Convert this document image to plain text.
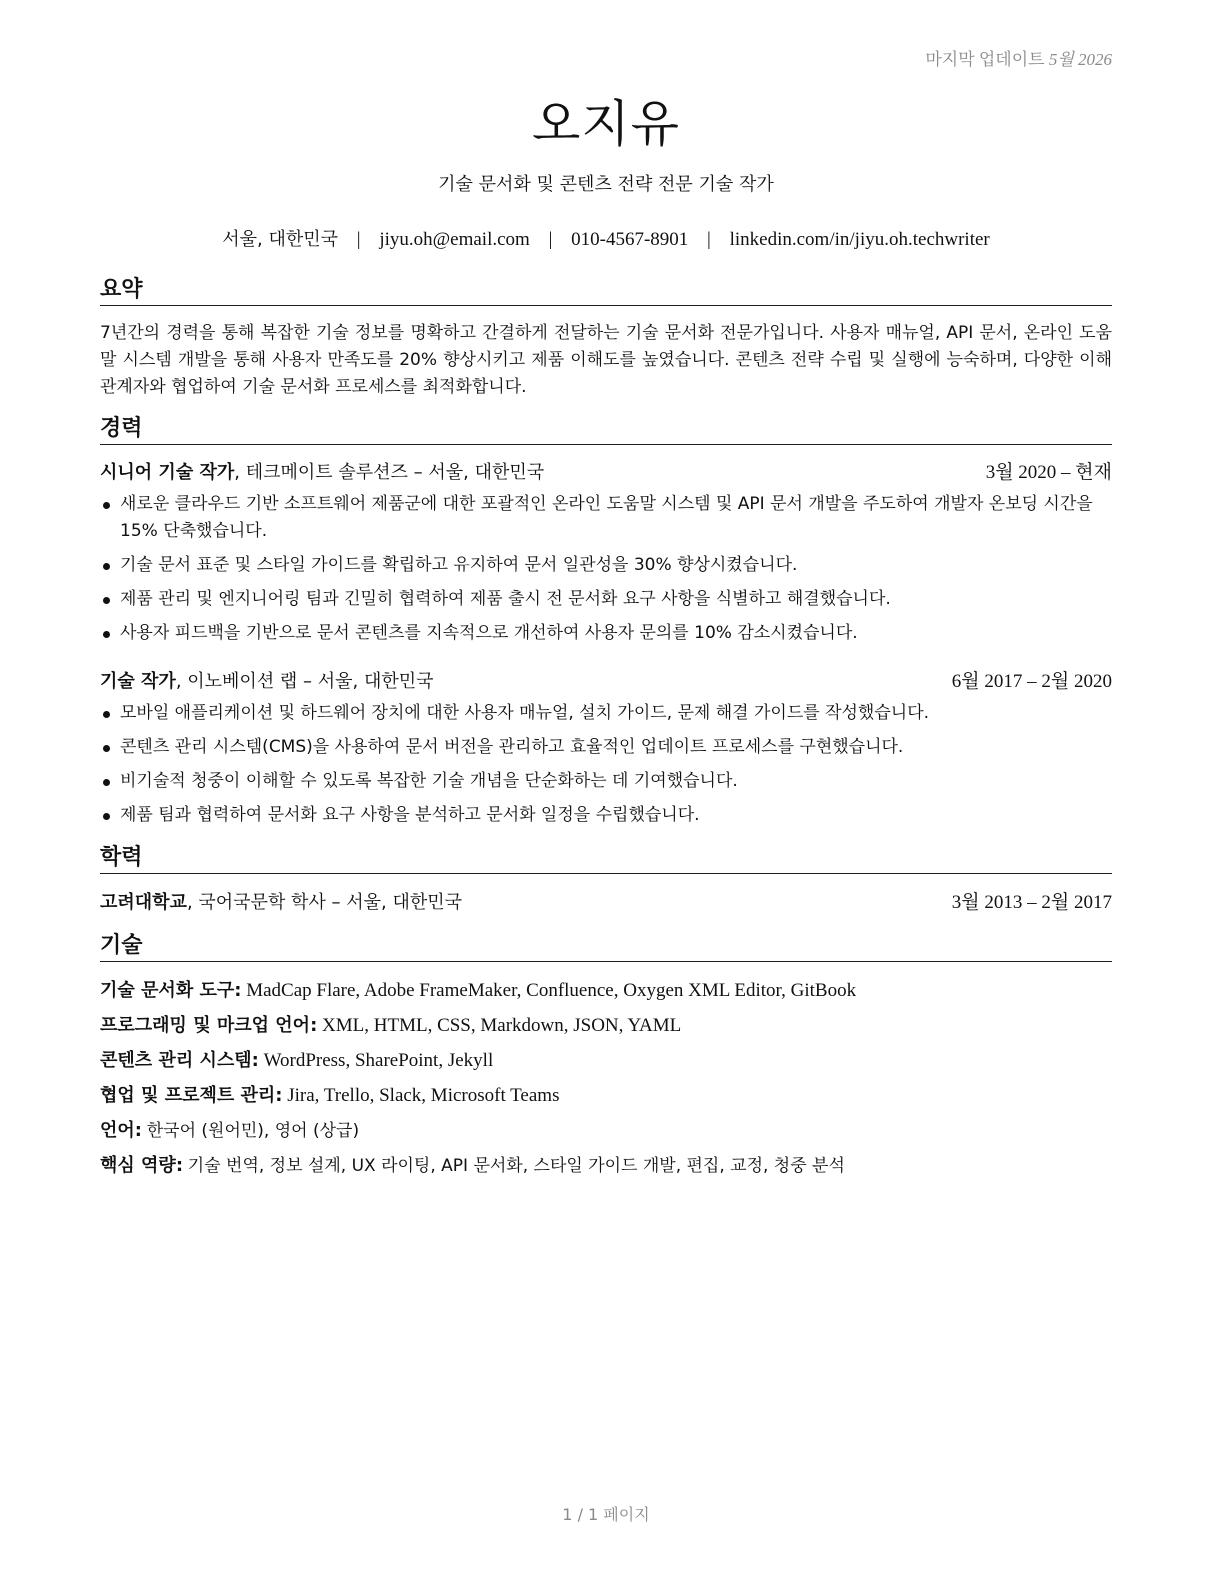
마지막 업데이트 5월 2026
오지유
기술 문서화 및 콘텐츠 전략 전문 기술 작가
서울, 대한민국 | jiyu.oh@email.com | 010-4567-8901 | linkedin.com/in/jiyu.oh.techwriter
요약
7년간의 경력을 통해 복잡한 기술 정보를 명확하고 간결하게 전달하는 기술 문서화 전문가입니다. 사용자 매뉴얼, API 문서, 온라인 도움말 시스템 개발을 통해 사용자 만족도를 20% 향상시키고 제품 이해도를 높였습니다. 콘텐츠 전략 수립 및 실행에 능숙하며, 다양한 이해관계자와 협업하여 기술 문서화 프로세스를 최적화합니다.
경력
시니어 기술 작가, 테크메이트 솔루션즈 – 서울, 대한민국	3월 2020 – 현재
새로운 클라우드 기반 소프트웨어 제품군에 대한 포괄적인 온라인 도움말 시스템 및 API 문서 개발을 주도하여 개발자 온보딩 시간을 15% 단축했습니다.
기술 문서 표준 및 스타일 가이드를 확립하고 유지하여 문서 일관성을 30% 향상시켰습니다.
제품 관리 및 엔지니어링 팀과 긴밀히 협력하여 제품 출시 전 문서화 요구 사항을 식별하고 해결했습니다.
사용자 피드백을 기반으로 문서 콘텐츠를 지속적으로 개선하여 사용자 문의를 10% 감소시켰습니다.
기술 작가, 이노베이션 랩 – 서울, 대한민국	6월 2017 – 2월 2020
모바일 애플리케이션 및 하드웨어 장치에 대한 사용자 매뉴얼, 설치 가이드, 문제 해결 가이드를 작성했습니다.
콘텐츠 관리 시스템(CMS)을 사용하여 문서 버전을 관리하고 효율적인 업데이트 프로세스를 구현했습니다.
비기술적 청중이 이해할 수 있도록 복잡한 기술 개념을 단순화하는 데 기여했습니다.
제품 팀과 협력하여 문서화 요구 사항을 분석하고 문서화 일정을 수립했습니다.
학력
고려대학교, 국어국문학 학사 – 서울, 대한민국	3월 2013 – 2월 2017
기술
기술 문서화 도구: MadCap Flare, Adobe FrameMaker, Confluence, Oxygen XML Editor, GitBook
프로그래밍 및 마크업 언어: XML, HTML, CSS, Markdown, JSON, YAML
콘텐츠 관리 시스템: WordPress, SharePoint, Jekyll
협업 및 프로젝트 관리: Jira, Trello, Slack, Microsoft Teams
언어: 한국어 (원어민), 영어 (상급)
핵심 역량: 기술 번역, 정보 설계, UX 라이팅, API 문서화, 스타일 가이드 개발, 편집, 교정, 청중 분석
1 / 1 페이지
